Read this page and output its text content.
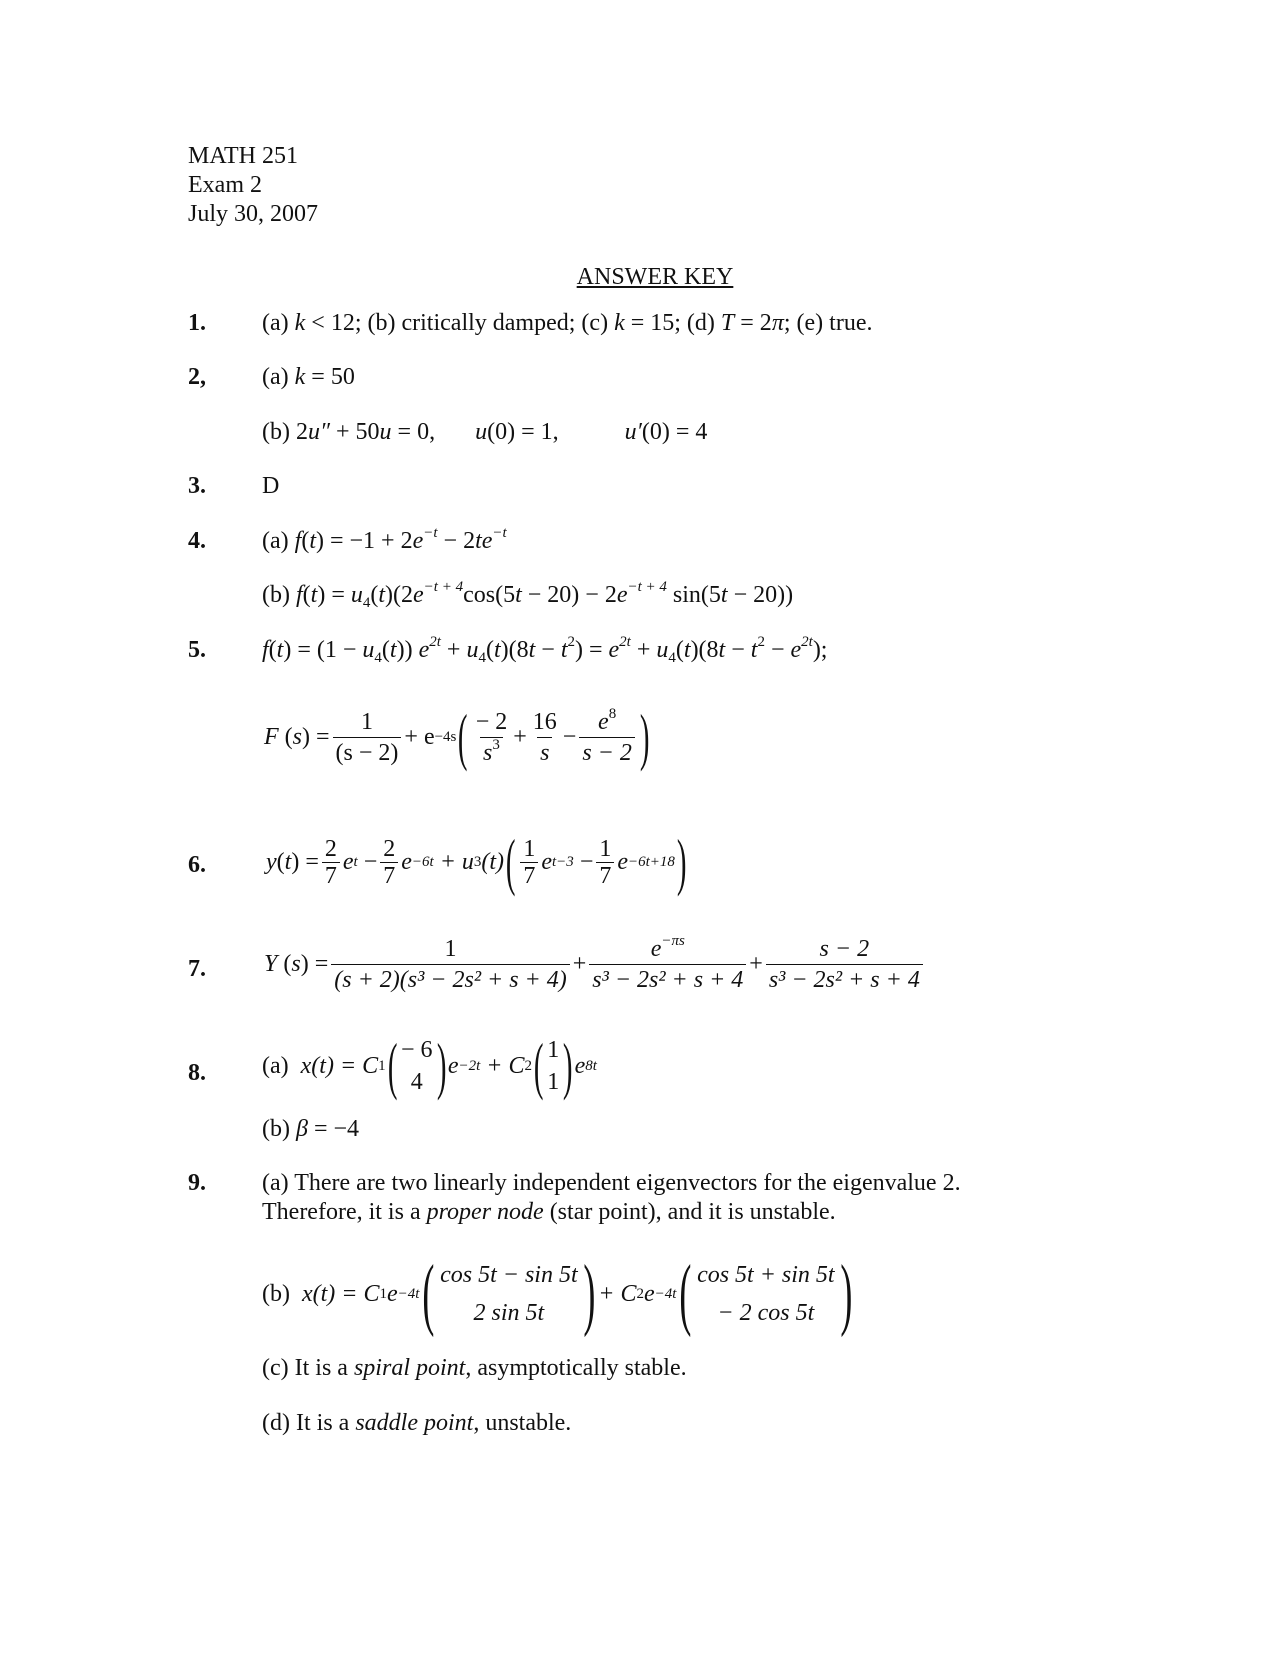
MATH 251
Exam 2
July 30, 2007
ANSWER KEY
1. (a) k < 12; (b) critically damped; (c) k = 15; (d) T = 2π; (e) true.
2, (a) k = 50
(b) 2u″ + 50u = 0, u(0) = 1,	u′(0) = 4
3. D
4. (a) $f(t) = -1 + 2e^{-t} - 2te^{-t}$
(b) $f(t) = u_4(t)(2e^{-t + 4}\cos(5t - 20) - 2e^{-t + 4}$ sin(5t − 20))
5. $f(t) = (1 - u_4(t))$ $e^{2t} + u_4(t)(8t - t^2) = e^{2t} + u_4(t)(8t - t^2 - e^{2t})$;
F ( s ) = $\frac{1}{(s - 2)} + e -4s$ ( $\frac{- 2}{s^3} + \frac{16}{s} - \frac{e^8}{s - 2}$ )
6.	y ( t ) = $\frac{2}{7}$ e t
− $\frac{2}{7}$ e −6t
+ u 3 (t) ( $\frac{1}{7}$ e t−3
− $\frac{1}{7}$ e −6t+18 )
7. Y ( s ) = $\frac{1}{\text{(s + 2)(s³ − 2s² + s + 4)}} + \frac{e^{-\pi s}}{\text{s³ − 2s² + s + 4}} + \frac{s - 2}{\text{s³ − 2s² + s + 4}}$
8. (a)
x (t) = C 1 ( − 6
4 ) e −2t
+ C 2 ( 1
1 ) e 8t
(b) β = −4
9. (a) There are two linearly independent eigenvectors for the eigenvalue 2.
Therefore, it is a proper node (star point), and it is unstable.
(b)
x (t) = C 1 e −4t ( cos 5t − sin 5t
2 sin 5t ) + C 2 e −4t ( cos 5t + sin 5t
− 2 cos 5t )
(c) It is a spiral point, asymptotically stable.
(d) It is a saddle point, unstable.
